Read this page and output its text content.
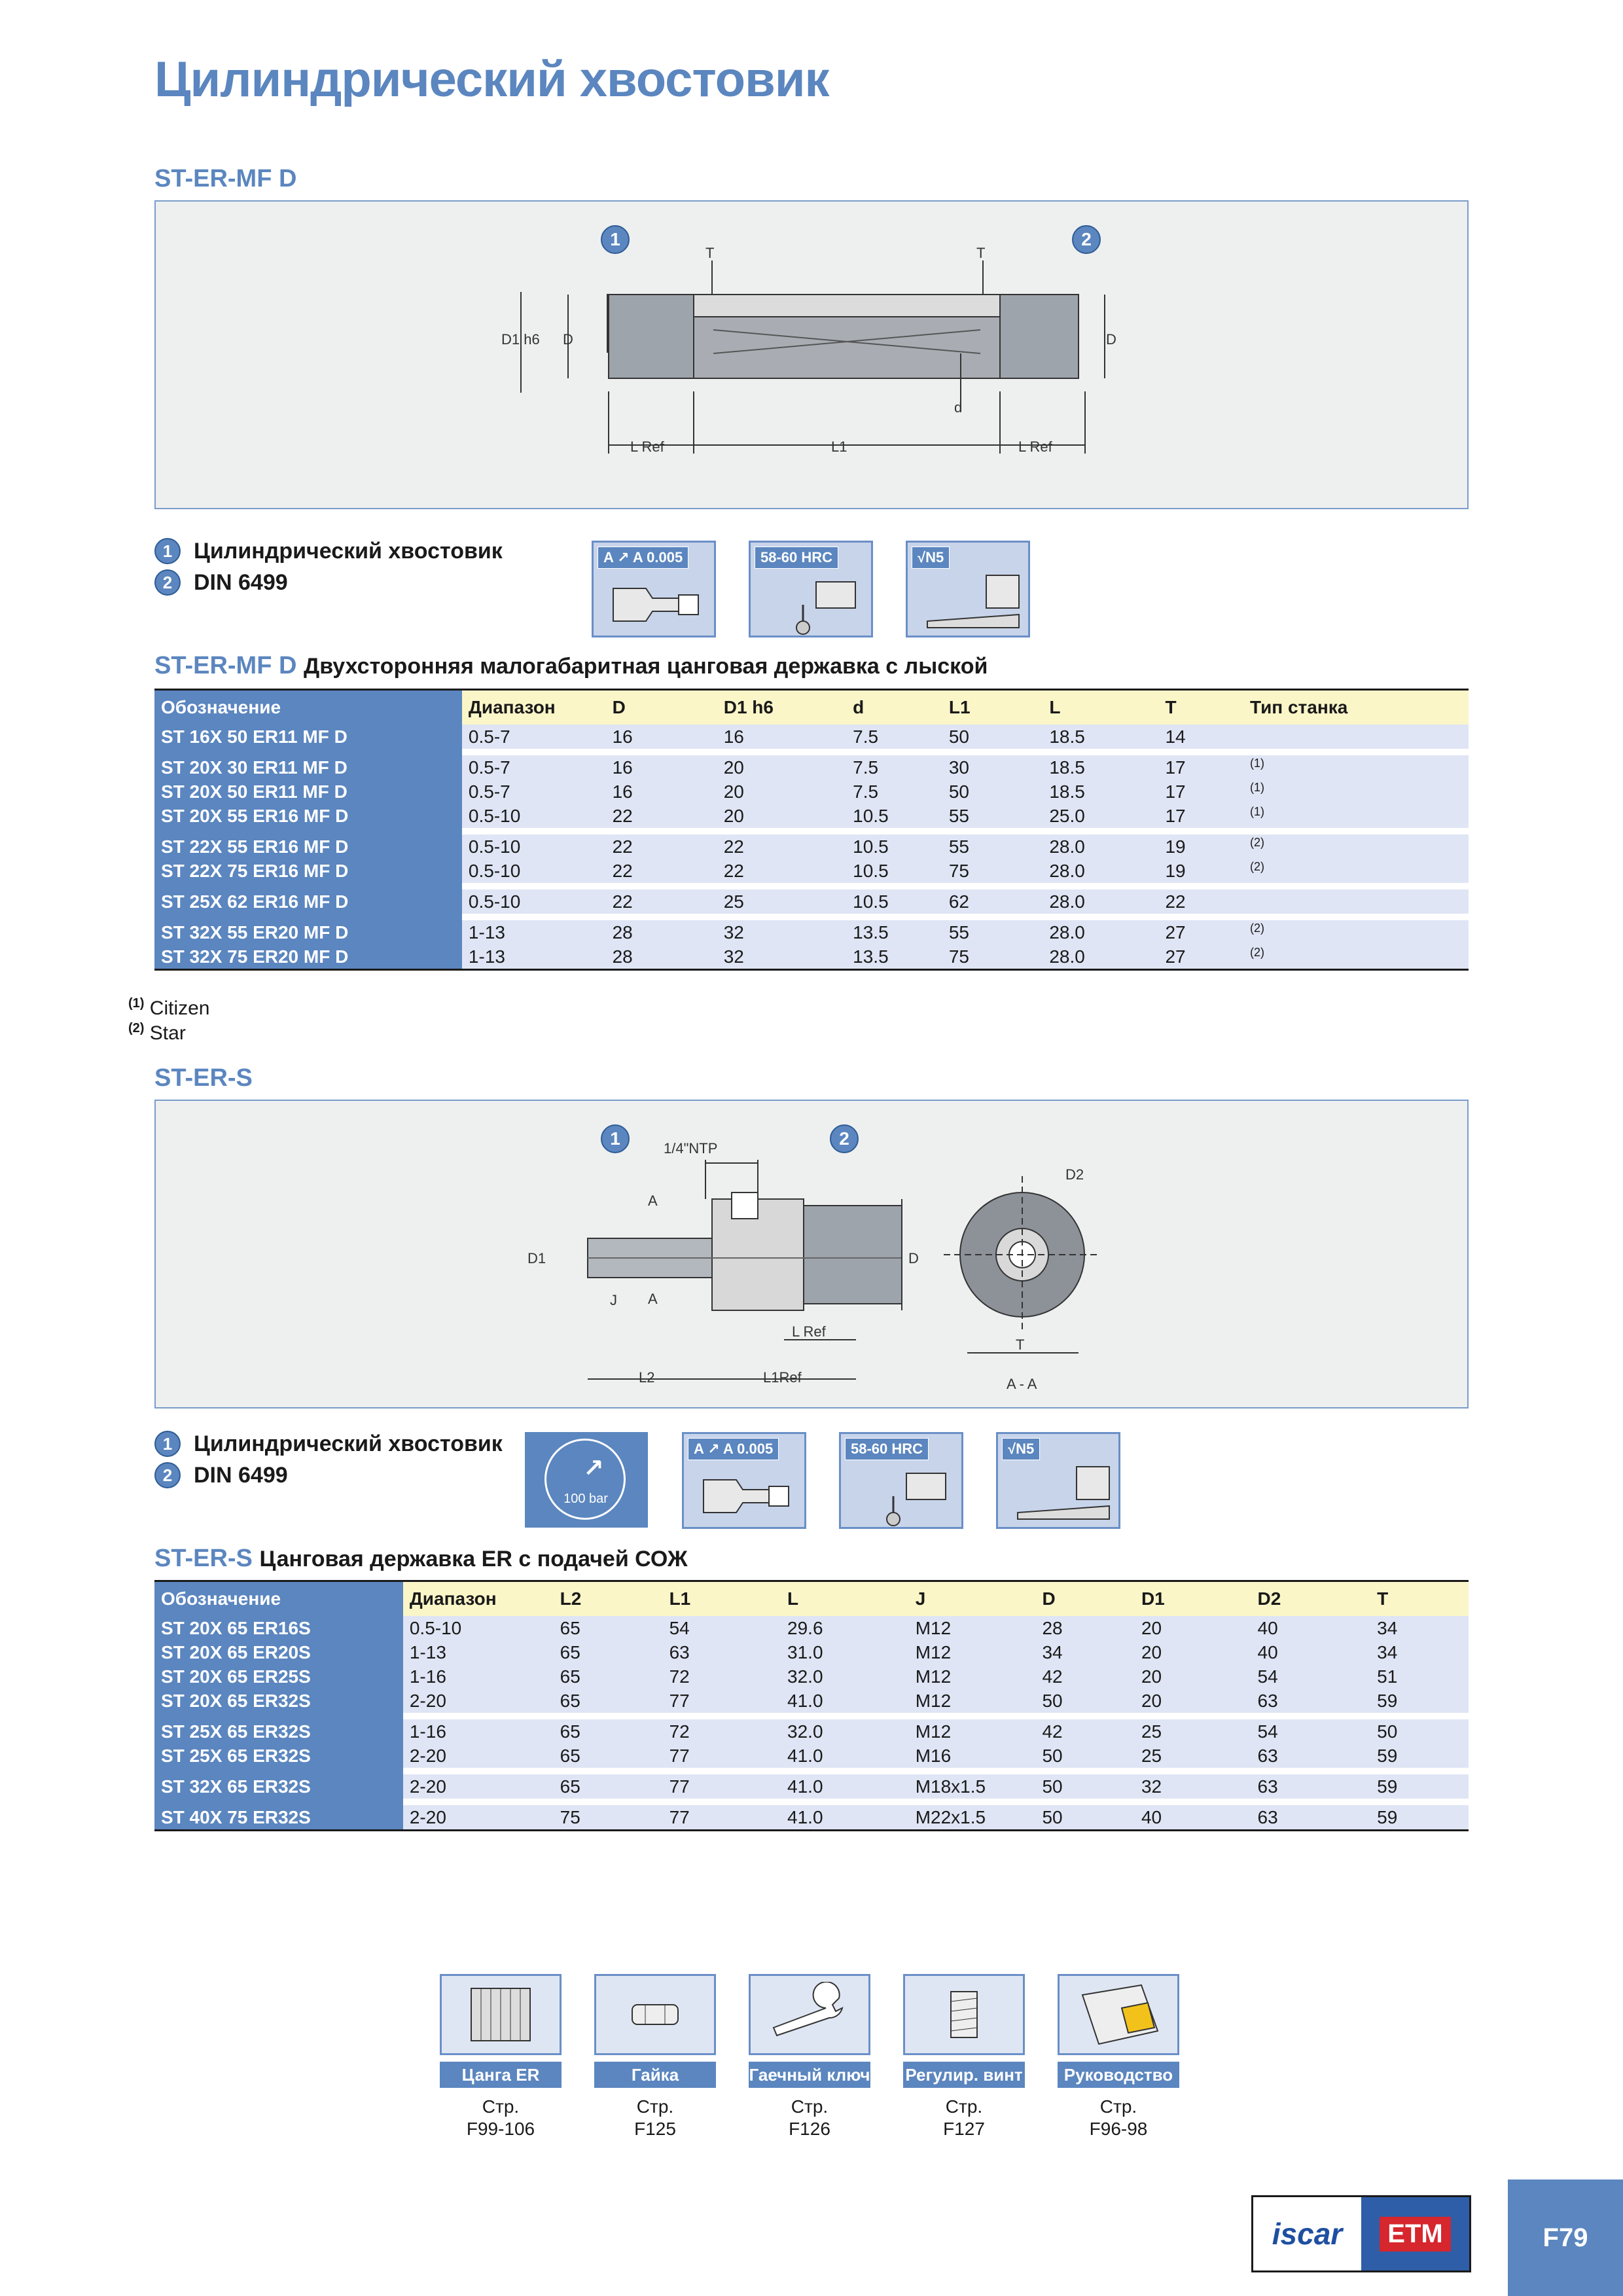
Цилиндрический хвостовик
ST-ER-MF D
D1 h6 D	D
T	T
d
L Ref	L1	L Ref
1	2
1 Цилиндрический хвостовик
2 DIN 6499
A ↗ A 0.005	58-60 HRC	√N5
ST-ER-MF D Двухсторонняя малогабаритная цанговая державка с лыской
Обозначение	Диапазон	D	D1 h6	d	L1	L	T	Тип станка
ST 16X 50 ER11 MF D	0.5-7	16	16	7.5	50	18.5	14	

ST 20X 30 ER11 MF D	0.5-7	16	20	7.5	30	18.5	17	$^{(1)}$
ST 20X 50 ER11 MF D	0.5-7	16	20	7.5	50	18.5	17	$^{(1)}$
ST 20X 55 ER16 MF D	0.5-10	22	20	10.5	55	25.0	17	$^{(1)}$

ST 22X 55 ER16 MF D	0.5-10	22	22	10.5	55	28.0	19	$^{(2)}$
ST 22X 75 ER16 MF D	0.5-10	22	22	10.5	75	28.0	19	$^{(2)}$

ST 25X 62 ER16 MF D	0.5-10	22	25	10.5	62	28.0	22	

ST 32X 55 ER20 MF D	1-13	28	32	13.5	55	28.0	27	$^{(2)}$
ST 32X 75 ER20 MF D	1-13	28	32	13.5	75	28.0	27	$^{(2)}$
$^{(1)}$ Citizen
$^{(2)}$ Star
ST-ER-S
1/4"NTP
D2
A
A
D1	D
J
L Ref
T
L2	L1Ref	A - A
1	2
1 Цилиндрический хвостовик
2 DIN 6499	↗
100 bar
A ↗ A 0.005	58-60 HRC	√N5
ST-ER-S Цанговая державка ER с подачей СОЖ
Обозначение	Диапазон	L2	L1	L	J	D	D1	D2	T
ST 20X 65 ER16S	0.5-10	65	54	29.6	M12	28	20	40	34
ST 20X 65 ER20S	1-13	65	63	31.0	M12	34	20	40	34
ST 20X 65 ER25S	1-16	65	72	32.0	M12	42	20	54	51
ST 20X 65 ER32S	2-20	65	77	41.0	M12	50	20	63	59

ST 25X 65 ER32S	1-16	65	72	32.0	M12	42	25	54	50
ST 25X 65 ER32S	2-20	65	77	41.0	M16	50	25	63	59

ST 32X 65 ER32S	2-20	65	77	41.0	M18x1.5	50	32	63	59

ST 40X 75 ER32S	2-20	75	77	41.0	M22x1.5	50	40	63	59
Цанга ER
Стр.
F99-106
Гайка
Стр.
F125
Гаечный ключ
Стр.
F126
Регулир. винт
Стр.
F127
Руководство
Стр.
F96-98
iscar	ETM	F79
